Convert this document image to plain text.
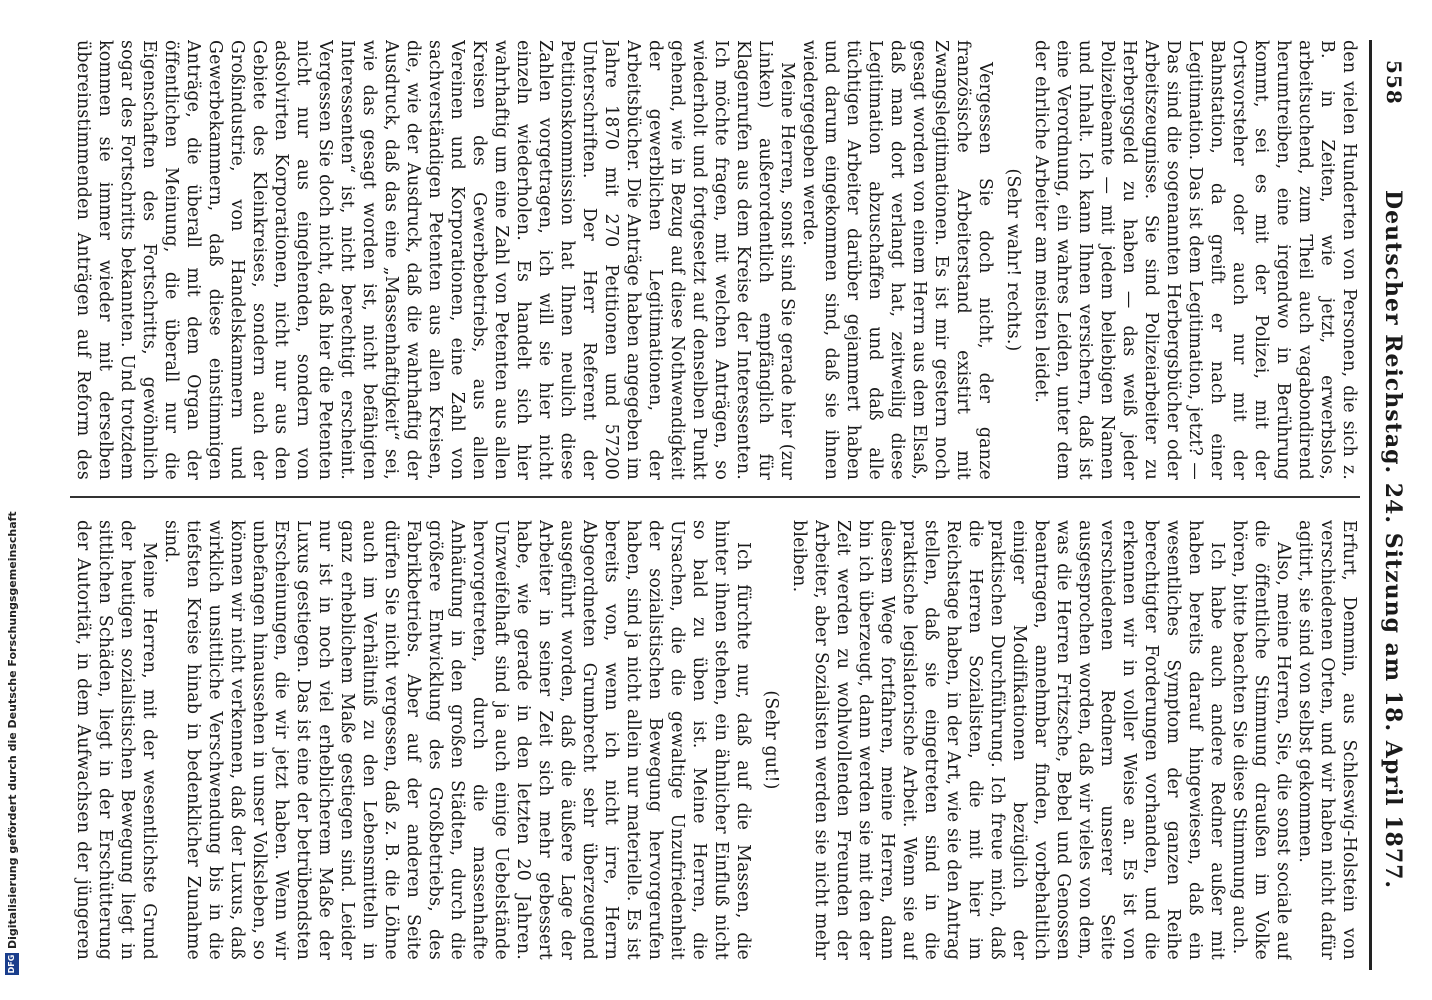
558
Deutscher Reichstag. 24. Sitzung am 18. April 1877.

den vielen Hunderten von Personen, die sich z. B. in Zeiten, wie jetzt, erwerbslos, arbeitsuchend, zum Theil auch vagabondirend herumtreiben, eine irgendwo in Berührung kommt, sei es mit der Polizei, mit der Ortsvorsteher oder auch nur mit der Bahnstation, da greift er nach einer Legitimation. Das ist dem Legitimation, jetzt? — Das sind die sogenannten Herbergsbücher oder Arbeitszeugnisse. Sie sind Polizeiarbeiter zu Herbergsgeld zu haben — das weiß jeder Polizeibeamte — mit jedem beliebigen Namen und Inhalt. Ich kann Ihnen versichern, daß ist eine Verordnung, ein wahres Leiden, unter dem der ehrliche Arbeiter am meisten leidet.

(Sehr wahr! rechts.)

Vergessen Sie doch nicht, der ganze französische Arbeiterstand existirt mit Zwangslegitimationen. Es ist mir gestern noch gesagt worden von einem Herrn aus dem Elsaß, daß man dort verlangt hat, zeitweilig diese Legitimation abzuschaffen und daß alle tüchtigen Arbeiter darüber gejammert haben und darum eingekommen sind, daß sie ihnen wiedergegeben werde.

Meine Herren, sonst sind Sie gerade hier (zur Linken) außerordentlich empfänglich für Klagenrufen aus dem Kreise der Interessenten. Ich möchte fragen, mit welchen Anträgen, so wiederholt und fortgesetzt auf denselben Punkt gehend, wie in Bezug auf diese Nothwendigkeit der gewerblichen Legitimationen, der Arbeitsbücher. Die Anträge haben angegeben im Jahre 1870 mit 270 Petitionen und 57200 Unterschriften. Der Herr Referent der Petitionskommission hat Ihnen neulich diese Zahlen vorgetragen, ich will sie hier nicht einzeln wiederholen. Es handelt sich hier wahrhaftig um eine Zahl von Petenten aus allen Kreisen des Gewerbebetriebs, aus allen Vereinen und Korporationen, eine Zahl von sachverständigen Petenten aus allen Kreisen, die, wie der Ausdruck, daß die wahrhaftig der Ausdruck, daß das eine „Massenhaftigkeit“ sei, wie das gesagt worden ist, nicht befähigten Interessenten“ ist, nicht berechtigt erscheint. Vergessen Sie doch nicht, daß hier die Petenten nicht nur aus eingehenden, sondern von adsolvirten Korporationen, nicht nur aus den Gebiete des Kleinkreises, sondern auch der Großindustrie, von Handelskammern und Gewerbekammern, daß diese einstimmigen Anträge, die überall mit dem Organ der öffentlichen Meinung, die überall nur die Eigenschaften des Fortschritts, gewöhnlich sogar des Fortschritts bekannten. Und trotzdem kommen sie immer wieder mit derselben übereinstimmenden Anträgen auf Reform des

Erfurt, Demmin, aus Schleswig-Holstein von verschiedenen Orten, und wir haben nicht dafür agitirt, sie sind von selbst gekommen.

Also, meine Herren, Sie, die sonst sociale auf die öffentliche Stimmung draußen im Volke hören, bitte beachten Sie diese Stimmung auch.

Ich habe auch andere Redner außer mit haben bereits darauf hingewiesen, daß ein wesentliches Symptom der ganzen Reihe berechtigter Forderungen vorhanden, und die erkennen wir in voller Weise an. Es ist von verschiedenen Rednern unserer Seite ausgesprochen worden, daß wir vieles von dem, was die Herren Fritzsche, Bebel und Genossen beantragen, annehmbar finden, vorbehaltlich einiger Modifikationen bezüglich der praktischen Durchführung. Ich freue mich, daß die Herren Sozialisten, die mit hier im Reichstage haben, in der Art, wie sie den Antrag stellen, daß sie eingetreten sind in die praktische legislatorische Arbeit. Wenn sie auf diesem Wege fortfahren, meine Herren, dann bin ich überzeugt, dann werden sie mit den der Zeit werden zu wohlwollenden Freunden der Arbeiter, aber Sozialisten werden sie nicht mehr bleiben.

(Sehr gut!)

Ich fürchte nur, daß auf die Massen, die hinter ihnen stehen, ein ähnlicher Einfluß nicht so bald zu üben ist. Meine Herren, die Ursachen, die die gewaltige Unzufriedenheit der sozialistischen Bewegung hervorgerufen haben, sind ja nicht allein nur materielle. Es ist bereits von, wenn ich nicht irre, Herrn Abgeordneten Grumbrecht sehr überzeugend ausgeführt worden, daß die äußere Lage der Arbeiter in seiner Zeit sich mehr gebessert habe, wie gerade in den letzten 20 Jahren. Unzweifelhaft sind ja auch einige Uebelstände hervorgetreten, durch die massenhafte Anhäufung in den großen Städten, durch die größere Entwicklung des Großbetriebs, des Fabrikbetriebs. Aber auf der anderen Seite dürfen Sie nicht vergessen, daß z. B. die Löhne auch im Verhältniß zu den Lebensmitteln in ganz erheblichem Maße gestiegen sind. Leider nur ist in noch viel erheblicherem Maße der Luxus gestiegen. Das ist eine der betrübendsten Erscheinungen, die wir jetzt haben. Wenn wir unbefangen hinaussehen in unser Volksleben, so können wir nicht verkennen, daß der Luxus, daß wirklich unsittliche Verschwendung bis in die tiefsten Kreise hinab in bedenklicher Zunahme sind.

Meine Herren, mit der wesentlichste Grund der heutigen sozialistischen Bewegung liegt in sittlichen Schäden, liegt in der Erschütterung der Autorität, in dem Aufwachsen der jüngeren

DFG
Digitalisierung gefördert durch die Deutsche Forschungsgemeinschaft
